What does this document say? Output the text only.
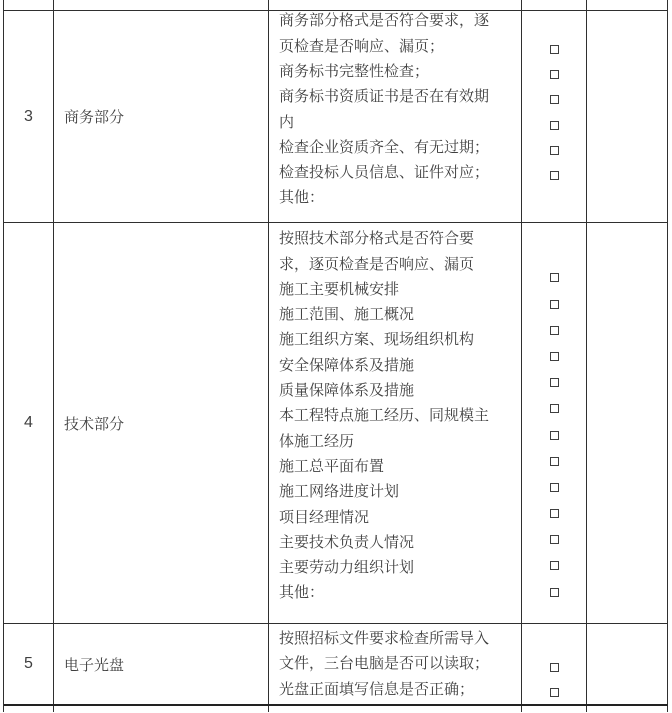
3 商务部分
商务部分格式是否符合要求，逐
页检查是否响应、漏页；
商务标书完整性检查；
商务标书资质证书是否在有效期
内
检查企业资质齐全、有无过期；
检查投标人员信息、证件对应；
其他：
4 技术部分
按照技术部分格式是否符合要
求，逐页检查是否响应、漏页
施工主要机械安排
施工范围、施工概况
施工组织方案、现场组织机构
安全保障体系及措施
质量保障体系及措施
本工程特点施工经历、同规模主
体施工经历
施工总平面布置
施工网络进度计划
项目经理情况
主要技术负责人情况
主要劳动力组织计划
其他：
5 电子光盘
按照招标文件要求检查所需导入
文件，三台电脑是否可以读取；
光盘正面填写信息是否正确；
